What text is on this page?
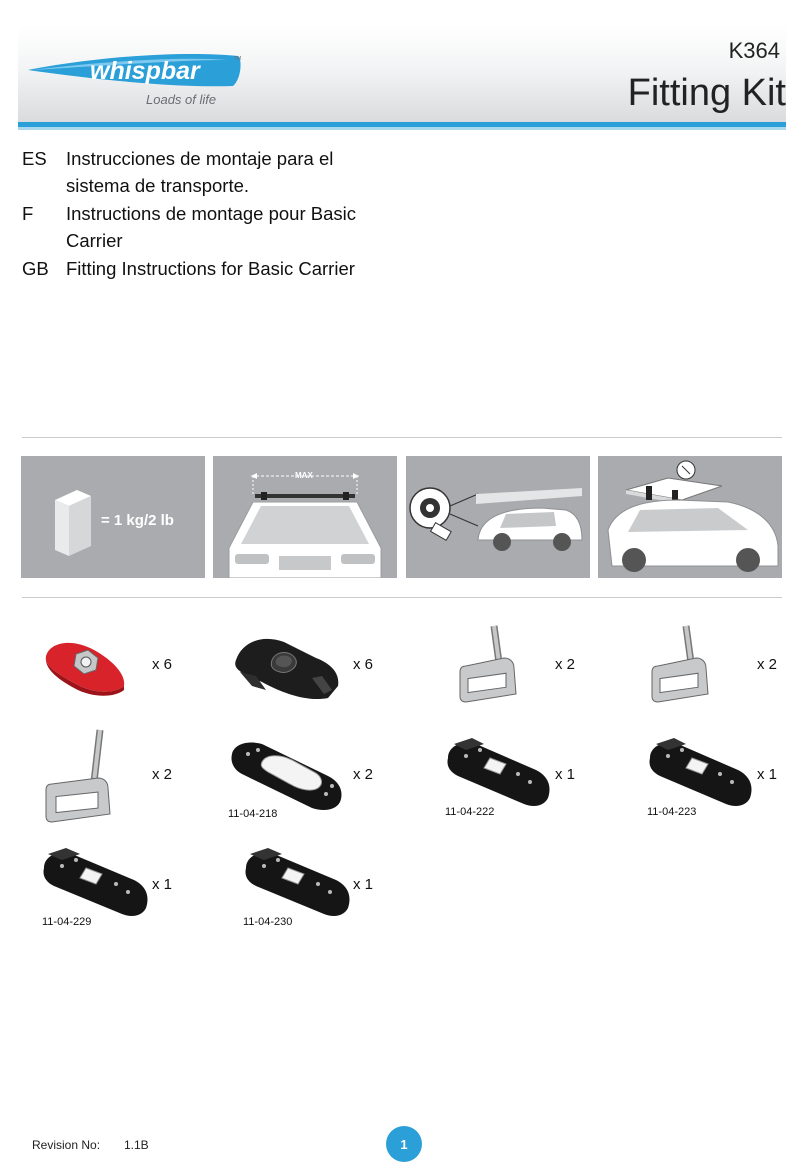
whispbar	TM
Loads of life
K364
Fitting Kit
ES	Instrucciones de montaje para el sistema de transporte.
F	Instructions de montage pour Basic Carrier
GB Fitting Instructions for Basic Carrier
= 1 kg/2 lb
MAX
x 6	x 6	x 2	x 2
x 2
11-04-218
x 2
11-04-222
x 1
11-04-223
x 1
11-04-229
x 1
11-04-230
x 1
Revision No: 1.1B	1
